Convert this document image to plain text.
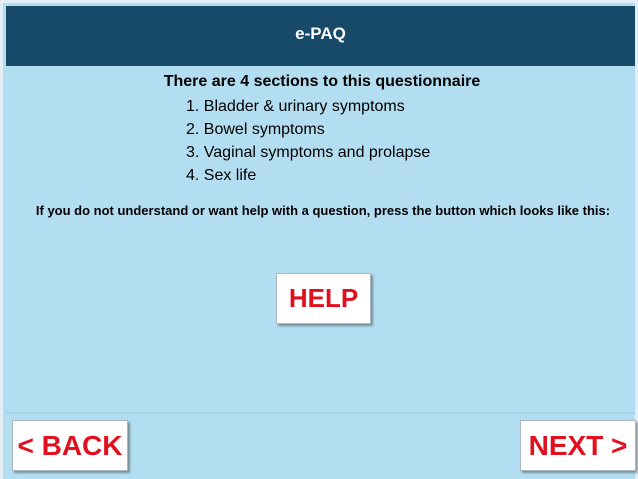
e-PAQ
There are 4 sections to this questionnaire
1. Bladder & urinary symptoms
2. Bowel symptoms
3. Vaginal symptoms and prolapse
4. Sex life
If you do not understand or want help with a question, press the button which looks like this:
HELP
< BACK	NEXT >
